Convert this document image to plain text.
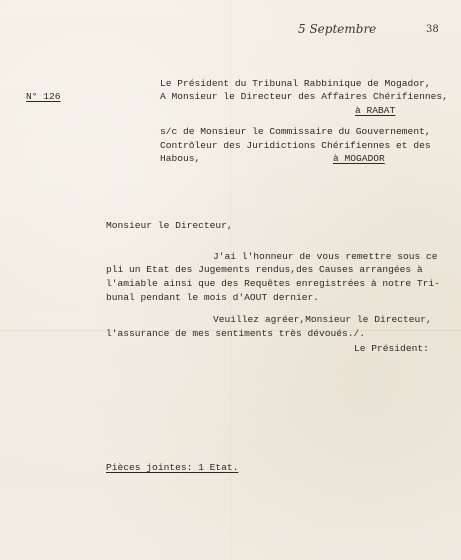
5 Septembre	38
N° 126
Le Président du Tribunal Rabbinique de Mogador,
A Monsieur le Directeur des Affaires Chérifiennes,
à RABAT
s/c de Monsieur le Commissaire du Gouvernement,
Contrôleur des Juridictions Chérifiennes et des
Habous,	à MOGADOR
Monsieur le Directeur,
J'ai l'honneur de vous remettre sous ce
pli un Etat des Jugements rendus,des Causes arrangées à
l'amiable ainsi que des Requêtes enregistrées à notre Tri-
bunal pendant le mois d'AOUT dernier.
Veuillez agréer,Monsieur le Directeur,
l'assurance de mes sentiments très dévoués./.
Le Président:
Pièces jointes: 1 Etat.
